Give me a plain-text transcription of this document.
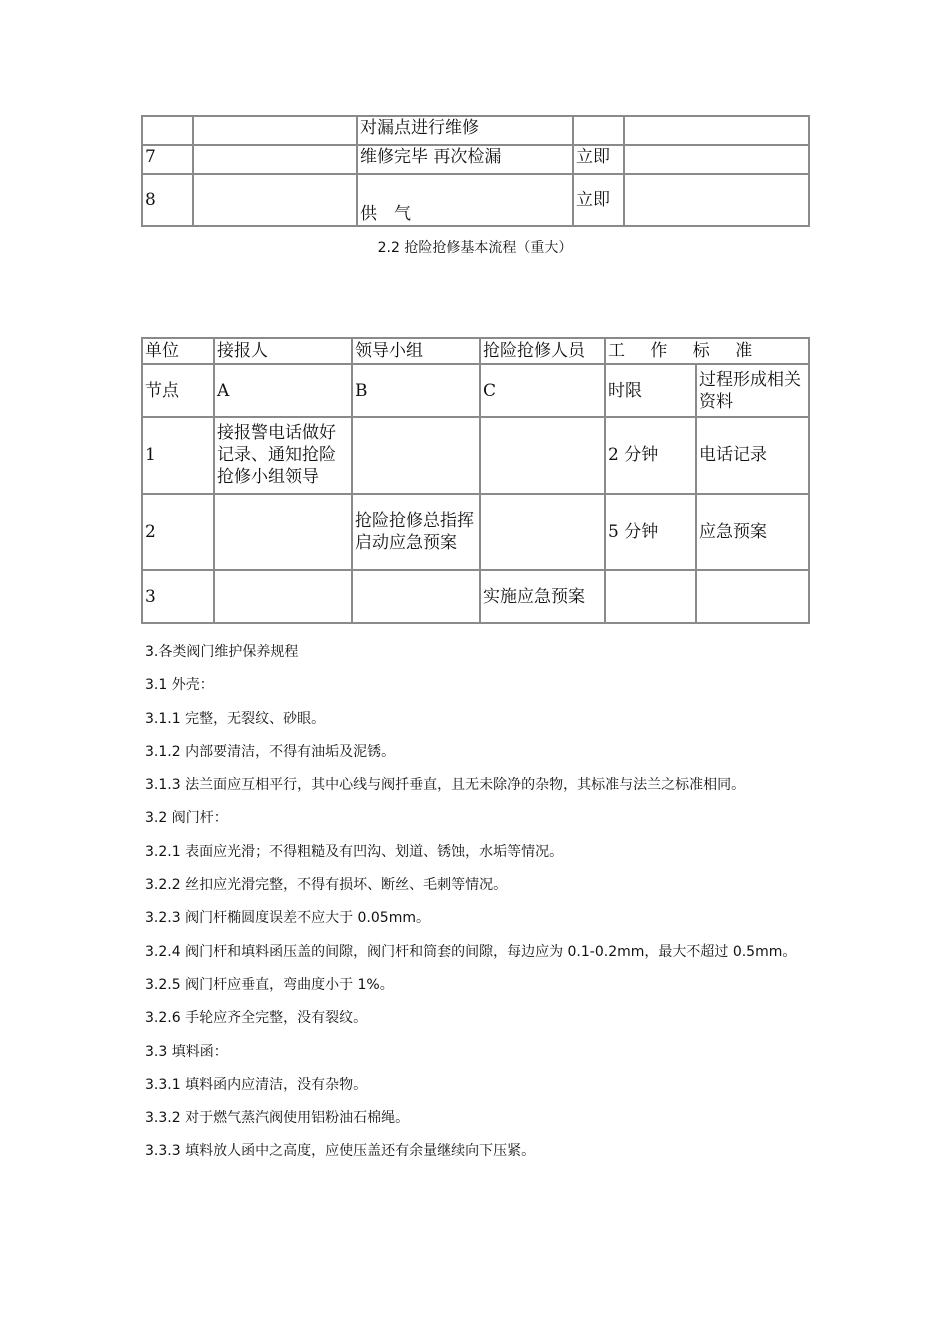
		对漏点进行维修		
7		维修完毕 再次检漏	立即	
8		供　气	立即	
2.2 抢险抢修基本流程（重大）
单位	接报人	领导小组	抢险抢修人员	工 作 标 准	
节点	A	B	C	时限	过程形成相关资料
1	接报警电话做好记录、通知抢险抢修小组领导			2 分钟	电话记录
2		抢险抢修总指挥启动应急预案		5 分钟	应急预案
3			实施应急预案		

3.各类阀门维护保养规程

3.1 外壳：

3.1.1 完整，无裂纹、砂眼。

3.1.2 内部要清洁，不得有油垢及泥锈。

3.1.3 法兰面应互相平行，其中心线与阀扦垂直，且无未除净的杂物，其标准与法兰之标准相同。

3.2 阀门杆：

3.2.1 表面应光滑；不得粗糙及有凹沟、划道、锈蚀，水垢等情况。

3.2.2 丝扣应光滑完整，不得有损坏、断丝、毛刺等情况。

3.2.3 阀门杆椭圆度误差不应大于 0.05mm。

3.2.4 阀门杆和填料函压盖的间隙，阀门杆和筒套的间隙，每边应为 0.1-0.2mm，最大不超过 0.5mm。

3.2.5 阀门杆应垂直，弯曲度小于 1%。

3.2.6 手轮应齐全完整，没有裂纹。

3.3 填料函：

3.3.1 填料函内应清洁，没有杂物。

3.3.2 对于燃气蒸汽阀使用铝粉油石棉绳。

3.3.3 填料放人函中之高度，应使压盖还有余量继续向下压紧。
